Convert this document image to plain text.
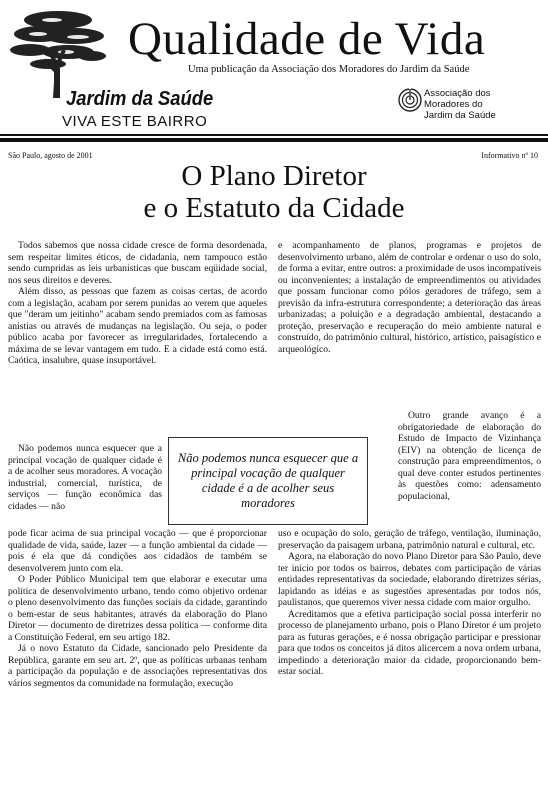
Qualidade de Vida
Uma publicação da Associação dos Moradores do Jardim da Saúde
Jardim da Saúde
VIVA ESTE BAIRRO
Associação dos
Moradores do
Jardim da Saúde
São Paulo, agosto de 2001	Informativo nº 10
O Plano Diretor
e o Estatuto da Cidade

Todos sabemos que nossa cidade cresce de forma desordenada, sem respeitar limites éticos, de cidadania, nem tampouco estão sendo cumpridas as leis urbanísticas que buscam eqüidade social, nos seus direitos e deveres.

Além disso, as pessoas que fazem as coisas certas, de acordo com a legislação, acabam por serem punidas ao verem que aqueles que "deram um jeitinho" acabam sendo premiados com as famosas anistias ou através de mudanças na legislação. Ou seja, o poder público acaba por favorecer as irregularidades, fortalecendo a máxima de se levar vantagem em tudo. E a cidade está como está. Caótica, insalubre, quase insuportável.

Não podemos nunca esquecer que a principal vocação de qualquer cidade é a de acolher seus moradores. A vocação industrial, comercial, turística, de serviços — função econômica das cidades — não

e acompanhamento de planos, programas e projetos de desenvolvimento urbano, além de controlar e ordenar o uso do solo, de forma a evitar, entre outros: a proximidade de usos incompatíveis ou inconvenientes; a instalação de empreendimentos ou atividades que possam funcionar como pólos geradores de tráfego, sem a previsão da infra-estrutura correspondente; a deterioração das áreas urbanizadas; a poluição e a degradação ambiental, destacando a proteção, preservação e recuperação do meio ambiente natural e construído, do patrimônio cultural, histórico, artístico, paisagístico e arqueológico.

Outro grande avanço é a obrigatoriedade de elaboração do Estudo de Impacto de Vizinhança (EIV) na obtenção de licença de construção para empreendimentos, o qual deve conter estudos pertinentes às questões como: adensamento populacional,
Não podemos nunca esquecer que a principal vocação de qualquer cidade é a de acolher seus moradores

pode ficar acima de sua principal vocação — que é proporcionar qualidade de vida, saúde, lazer — a função ambiental da cidade — pois é ela que dá condições aos cidadãos de também se desenvolverem junto com ela.

O Poder Público Municipal tem que elaborar e executar uma política de desenvolvimento urbano, tendo como objetivo ordenar o pleno desenvolvimento das funções sociais da cidade, garantindo o bem-estar de seus habitantes, através da elaboração do Plano Diretor — documento de diretrizes dessa política — conforme dita a Constituição Federal, em seu artigo 182.

Já o novo Estatuto da Cidade, sancionado pelo Presidente da República, garante em seu art. 2º, que as políticas urbanas tenham a participação da população e de associações representativas dos vários segmentos da comunidade na formulação, execução

uso e ocupação do solo, geração de tráfego, ventilação, iluminação, preservação da paisagem urbana, patrimônio natural e cultural, etc.

Agora, na elaboração do novo Plano Diretor para São Paulo, deve ter início por todos os bairros, debates com participação de várias entidades representativas da sociedade, elaborando diretrizes sérias, lapidando as idéias e as sugestões apresentadas por todos nós, paulistanos, que queremos viver nessa cidade com maior orgulho.

Acreditamos que a efetiva participação social possa interferir no processo de planejamento urbano, pois o Plano Diretor é um projeto para as futuras gerações, e é nossa obrigação participar e pressionar para que todos os conceitos já ditos alicercem a nova ordem urbana, impedindo a deterioração maior da cidade, proporcionando bem-estar social.
